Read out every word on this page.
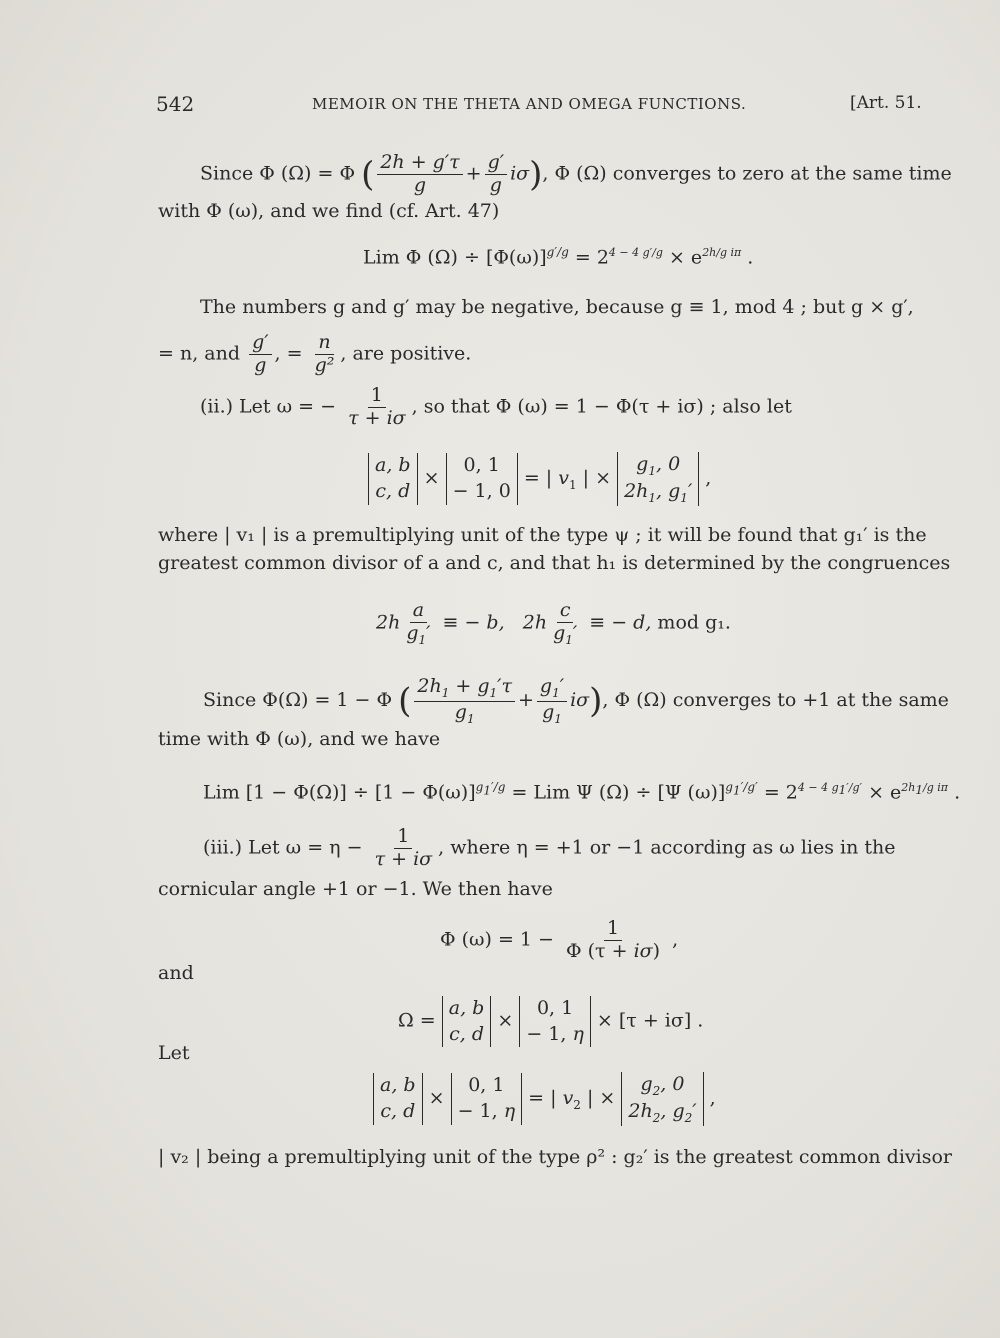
542	MEMOIR ON THE THETA AND OMEGA FUNCTIONS.	[Art. 51.
Since Φ (Ω) = Φ ( $\frac{2h + g'\tau}{g} + \frac{g'}{g} i\sigma$), Φ (Ω) converges to zero at the same time
with Φ (ω), and we find (cf. Art. 47)
Lim Φ $(\Omega) \div [\Phi(\omega)]^{g'/g} = 2^{4 - 4 g'/g} \times e^{2h/g i\pi}$ .
The numbers g and g′ may be negative, because g ≡ 1, mod 4 ; but g × g′,
= n, and $\frac{g'}{g}$ , = $\frac{n}{\text{g²}}$ , are positive.
(ii.) Let ω = − $\frac{1}{\tau + i\sigma}$ , so that Φ (ω) = 1 − Φ(τ + iσ) ; also let
a, b
c, d × 0, 1
− 1, 0 = | $v_1$ | × $g_1$, 0
$2h_1$, $g_1'$ ,
where | v₁ | is a premultiplying unit of the type ψ ; it will be found that g₁′ is the
greatest common divisor of a and c, and that h₁ is determined by the congruences
$2h \frac{a}{g_1'}$ ≡ − b,   $2h \frac{c}{g_1'}$ ≡ − d, mod g₁.
Since Φ(Ω) = 1 − Φ ( $\frac{2h_1 + g_1'\tau}{g_1} + \frac{g_1'}{g_1} i\sigma$), Φ (Ω) converges to +1 at the same
time with Φ (ω), and we have
Lim $[1 - \Phi(\Omega)] \div [1 - \Phi(\omega)]^{g_1'/g}$ = Lim Ψ (Ω) ÷ [Ψ $(\omega)]^{g_1'/g'} = 2^{4 - 4 g_1'/g'} \times e^{2h_1/g i\pi}$ .
(iii.) Let $\omega = \eta - \frac{1}{\tau + i\sigma}$ , where η = +1 or −1 according as ω lies in the
cornicular angle +1 or −1. We then have
Φ $(\omega) = 1 - \frac{1}{\Phi (\tau + i\sigma)}$ ,
and
Ω = a, b
c, d × 0, 1
− 1, η × [τ + iσ] .
Let
a, b
c, d × 0, 1
− 1, η = | $v_2$ | × $g_2$, 0
$2h_2$, $g_2'$ ,
| v₂ | being a premultiplying unit of the type ρ² : g₂′ is the greatest common divisor
